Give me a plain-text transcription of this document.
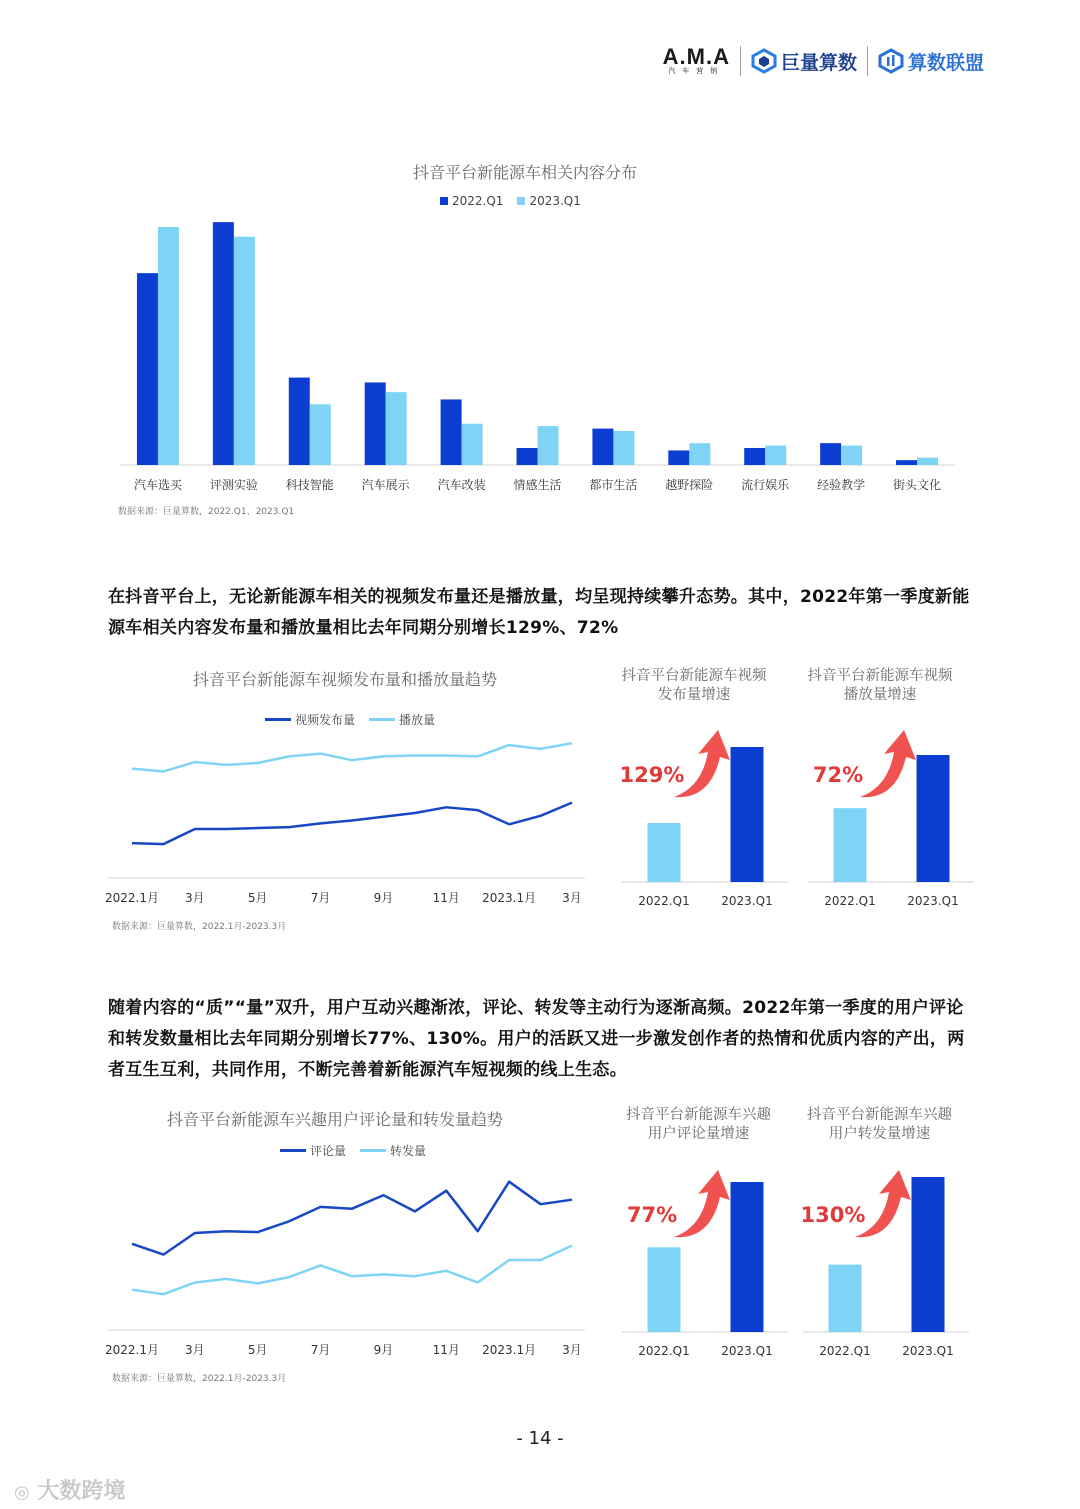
A.M.A
汽车营销	巨量算数	算数联盟
抖音平台新能源车相关内容分布
2022.Q1 2023.Q1
汽车选买 评测实验 科技智能 汽车展示 汽车改装 情感生活 都市生活 越野探险 流行娱乐 经验教学 街头文化
数据来源：巨量算数，2022.Q1、2023.Q1
在抖音平台上，无论新能源车相关的视频发布量还是播放量，均呈现持续攀升态势。其中，2022年第一季度新能源车相关内容发布量和播放量相比去年同期分别增长129%、72%
抖音平台新能源车视频发布量和播放量趋势
视频发布量	播放量
2022.1月 3月	5月	7月	9月	11月 2023.1月 3月
数据来源：巨量算数，2022.1月-2023.3月
抖音平台新能源车视频
发布量增速
2022.Q1	2023.Q1
129%
抖音平台新能源车视频
播放量增速
2022.Q1	2023.Q1
72%
随着内容的“质”“量”双升，用户互动兴趣渐浓，评论、转发等主动行为逐渐高频。2022年第一季度的用户评论和转发数量相比去年同期分别增长77%、130%。用户的活跃又进一步激发创作者的热情和优质内容的产出，两者互生互利，共同作用，不断完善着新能源汽车短视频的线上生态。
抖音平台新能源车兴趣用户评论量和转发量趋势
评论量	转发量
2022.1月 3月	5月	7月	9月	11月 2023.1月 3月
数据来源：巨量算数，2022.1月-2023.3月
抖音平台新能源车兴趣
用户评论量增速
2022.Q1	2023.Q1
77%
抖音平台新能源车兴趣
用户转发量增速
2022.Q1	2023.Q1
130%
- 14 -
◎ 大数跨境
